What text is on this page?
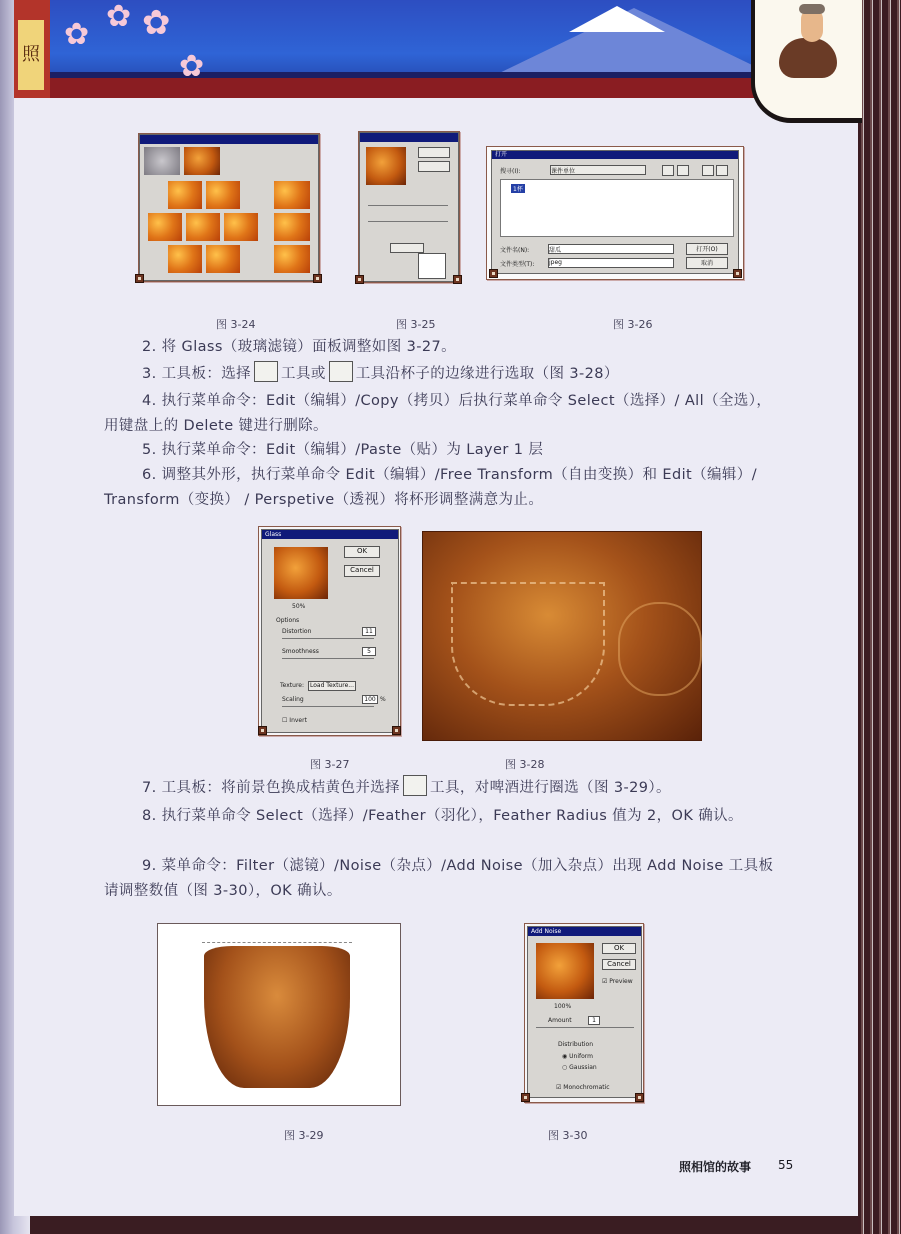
照
✿
✿ ✿
✿
图 3-24	图 3-25
打开
搜寻(I):	课件单位
1杯
文件名(N):	甜瓜
文件类型(T): jpeg
打开(O)
取消
图 3-26
2. 将 Glass（玻璃滤镜）面板调整如图 3-27。
3. 工具板：选择 工具或 工具沿杯子的边缘进行选取（图 3-28）
4. 执行菜单命令：Edit（编辑）/Copy（拷贝）后执行菜单命令 Select（选择）/ All（全选），用键盘上的 Delete 键进行删除。
5. 执行菜单命令：Edit（编辑）/Paste（贴）为 Layer 1 层
6. 调整其外形，执行菜单命令 Edit（编辑）/Free Transform（自由变换）和 Edit（编辑）/ Transform（变换） / Perspetive（透视）将杯形调整满意为止。
Glass
OK
Cancel
50%
Options
Distortion	11
Smoothness	5
Texture:	Load Texture...
Scaling	100 %
☐ Invert
图 3-27	图 3-28
7. 工具板：将前景色换成桔黄色并选择 工具，对啤酒进行圈选（图 3-29）。
8. 执行菜单命令 Select（选择）/Feather（羽化），Feather Radius 值为 2，OK 确认。
9. 菜单命令：Filter（滤镜）/Noise（杂点）/Add Noise（加入杂点）出现 Add Noise 工具板请调整数值（图 3-30），OK 确认。
图 3-29
Add Noise
OK
Cancel
☑ Preview
100%
Amount	1
Distribution
◉ Uniform
○ Gaussian
☑ Monochromatic
图 3-30
照相馆的故事 55
